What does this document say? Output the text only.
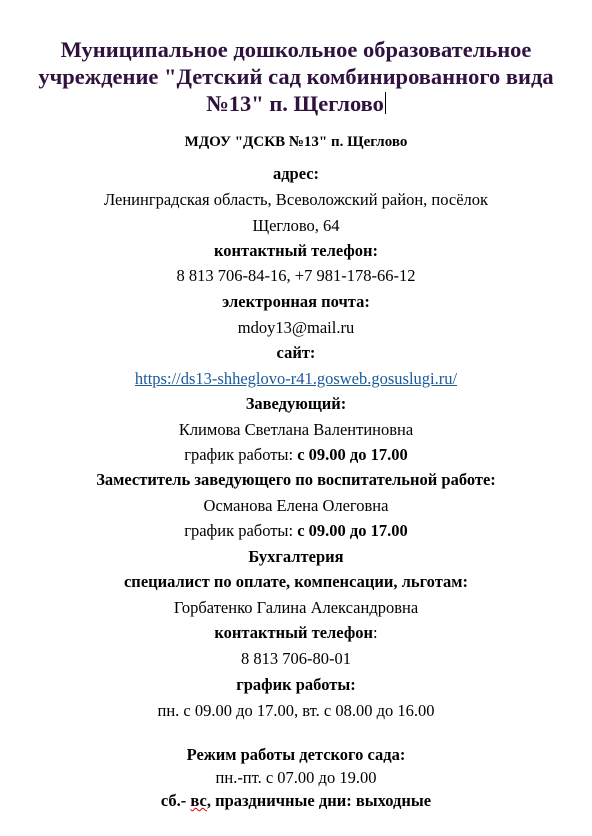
Муниципальное дошкольное образовательное учреждение "Детский сад комбинированного вида №13" п. Щеглово
МДОУ "ДСКВ №13" п. Щеглово
адрес:
Ленинградская область, Всеволожский район, посёлок
Щеглово, 64
контактный телефон:
8 813 706-84-16, +7 981-178-66-12
электронная почта:
mdoy13@mail.ru
сайт:
https://ds13-shheglovo-r41.gosweb.gosuslugi.ru/
Заведующий:
Климова Светлана Валентиновна
график работы: с 09.00 до 17.00
Заместитель заведующего по воспитательной работе:
Османова Елена Олеговна
график работы: с 09.00 до 17.00
Бухгалтерия
специалист по оплате, компенсации, льготам:
Горбатенко Галина Александровна
контактный телефон:
8 813 706-80-01
график работы:
пн. с 09.00 до 17.00, вт. с 08.00 до 16.00
Режим работы детского сада:
пн.-пт. с 07.00 до 19.00
сб.- вс, праздничные дни: выходные
